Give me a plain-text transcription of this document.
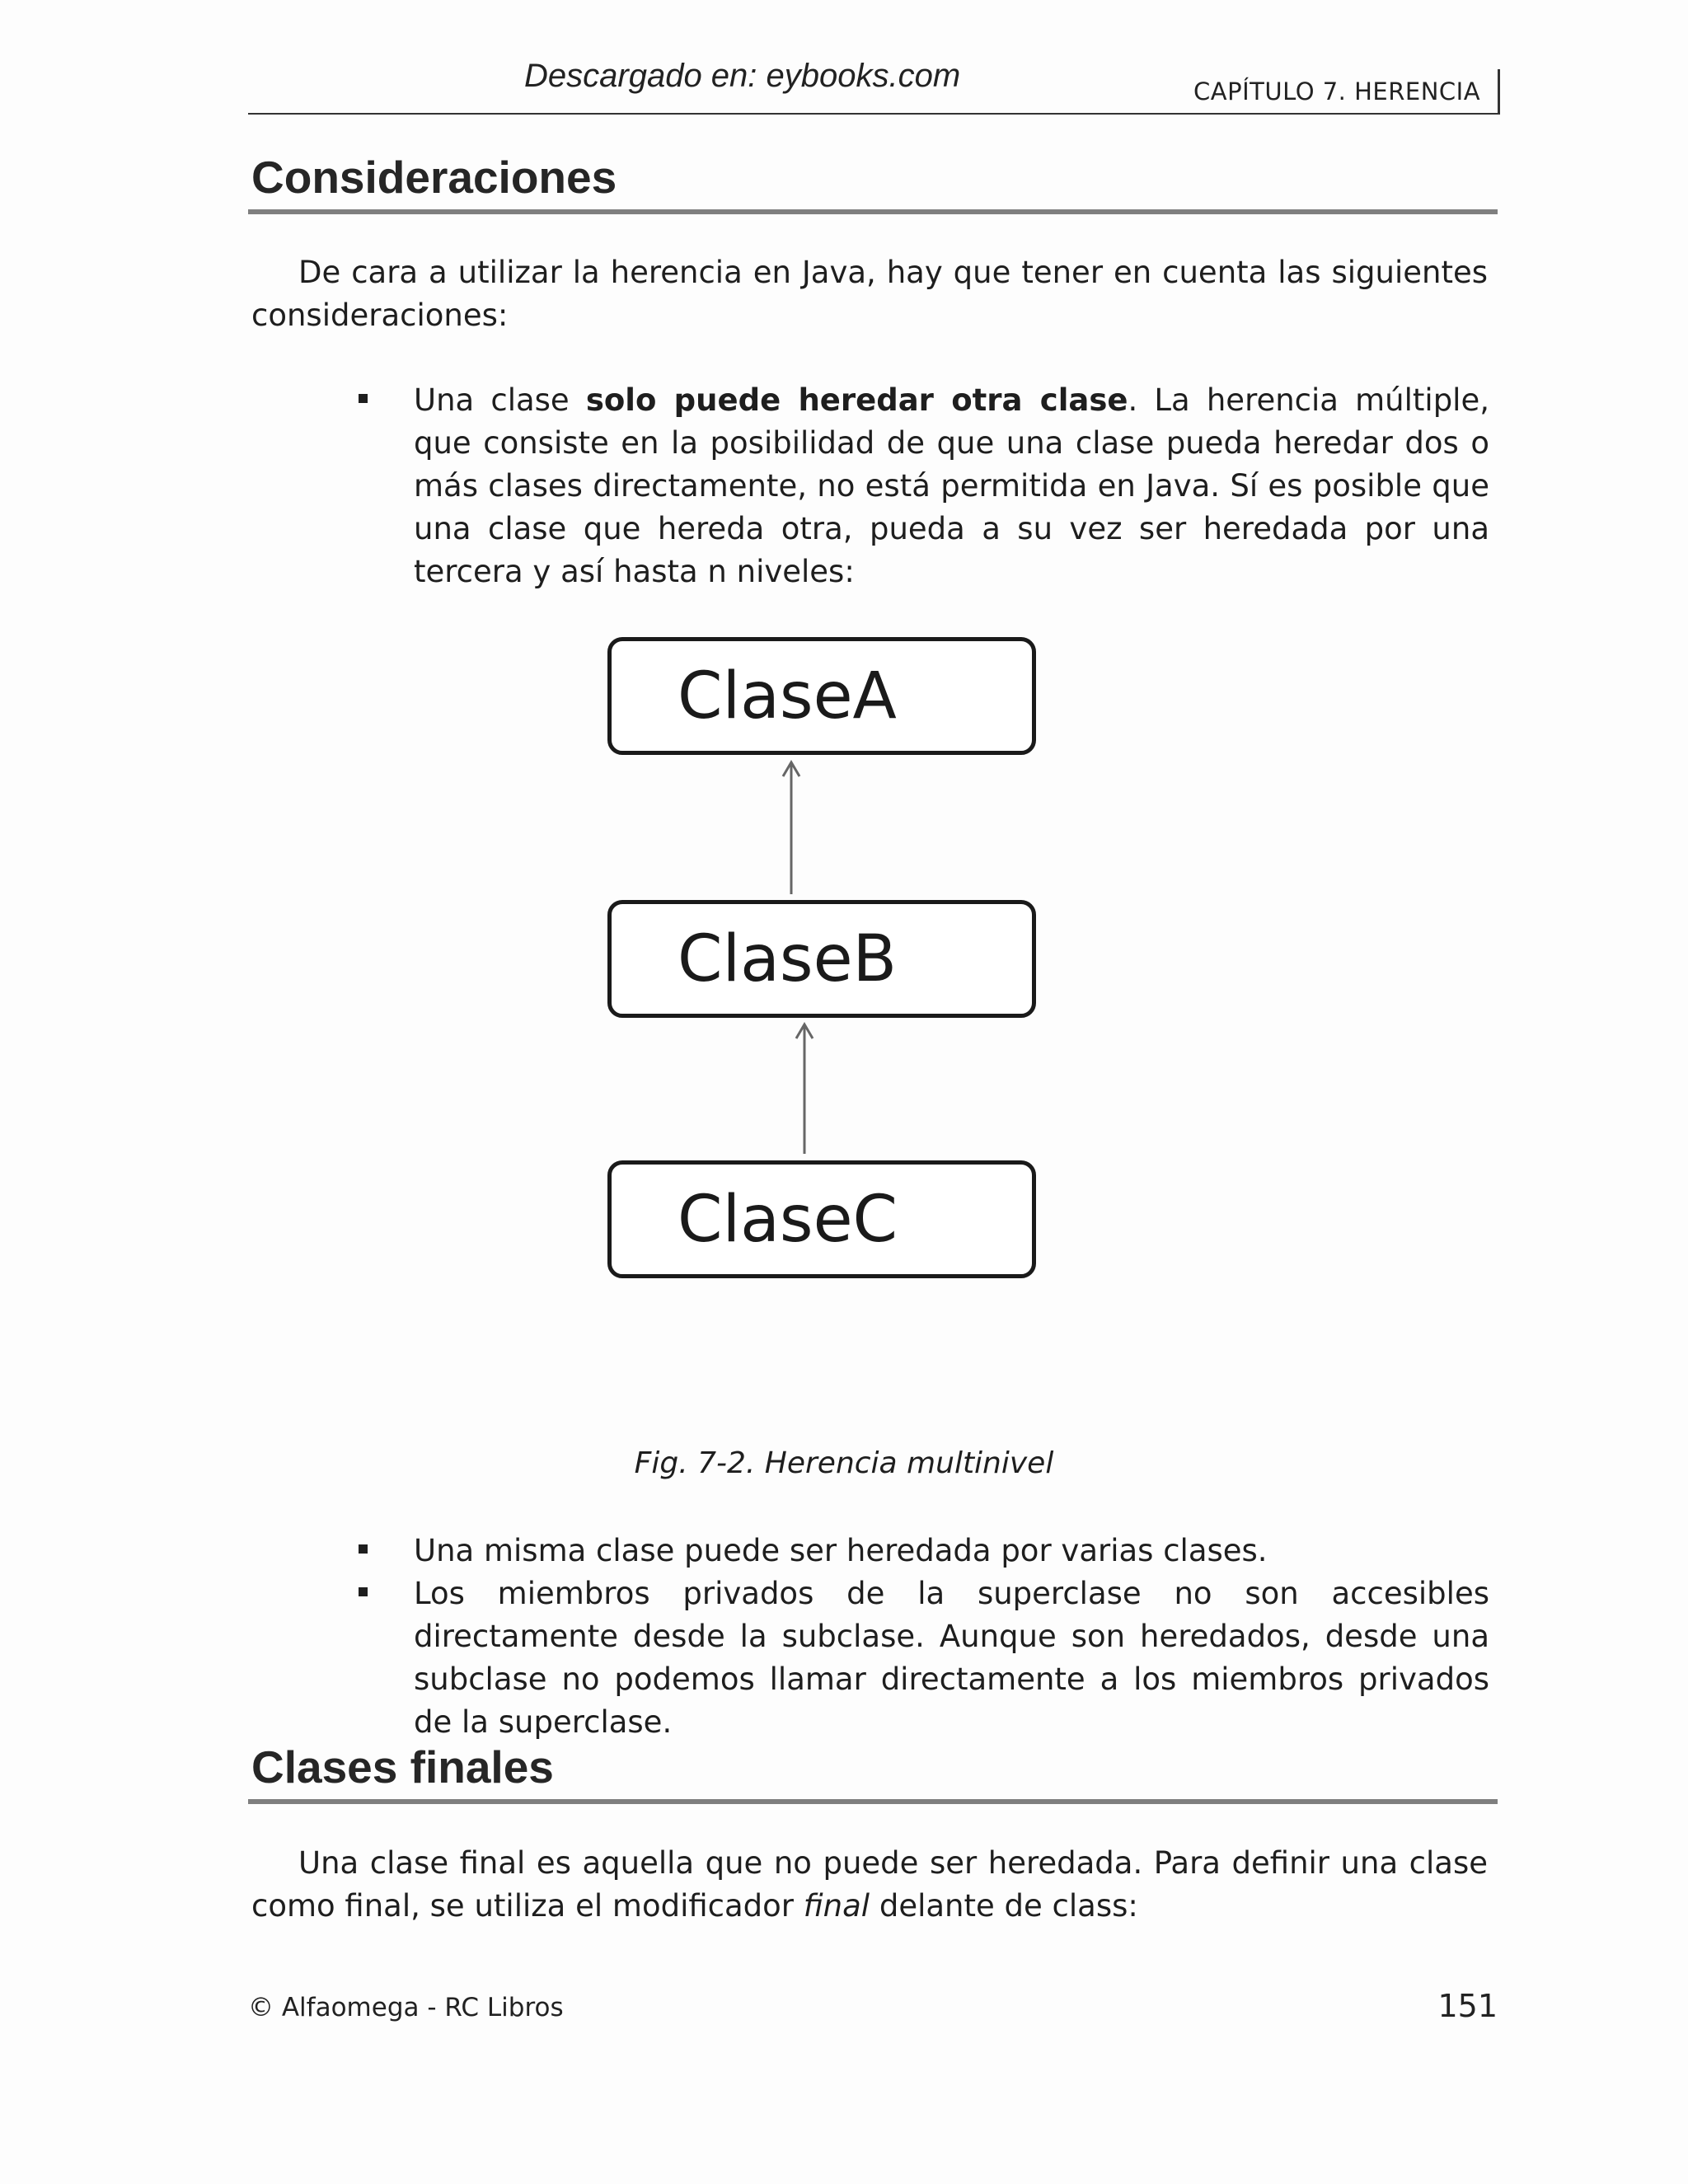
Descargado en: eybooks.com	CAPÍTULO 7. HERENCIA
Consideraciones

De cara a utilizar la herencia en Java, hay que tener en cuenta las siguientes consideraciones:

Una clase solo puede heredar otra clase. La herencia múltiple, que consiste en la posibilidad de que una clase pueda heredar dos o más clases directamente, no está permitida en Java. Sí es posible que una clase que hereda otra, pueda a su vez ser heredada por una tercera y así hasta n niveles:
ClaseA
ClaseB
ClaseC
Fig. 7-2. Herencia multinivel
Una misma clase puede ser heredada por varias clases.
Los miembros privados de la superclase no son accesibles directamente desde la subclase. Aunque son heredados, desde una subclase no podemos llamar directamente a los miembros privados de la superclase.
Clases finales

Una clase final es aquella que no puede ser heredada. Para definir una clase como final, se utiliza el modificador final delante de class:

© Alfaomega - RC Libros	151
